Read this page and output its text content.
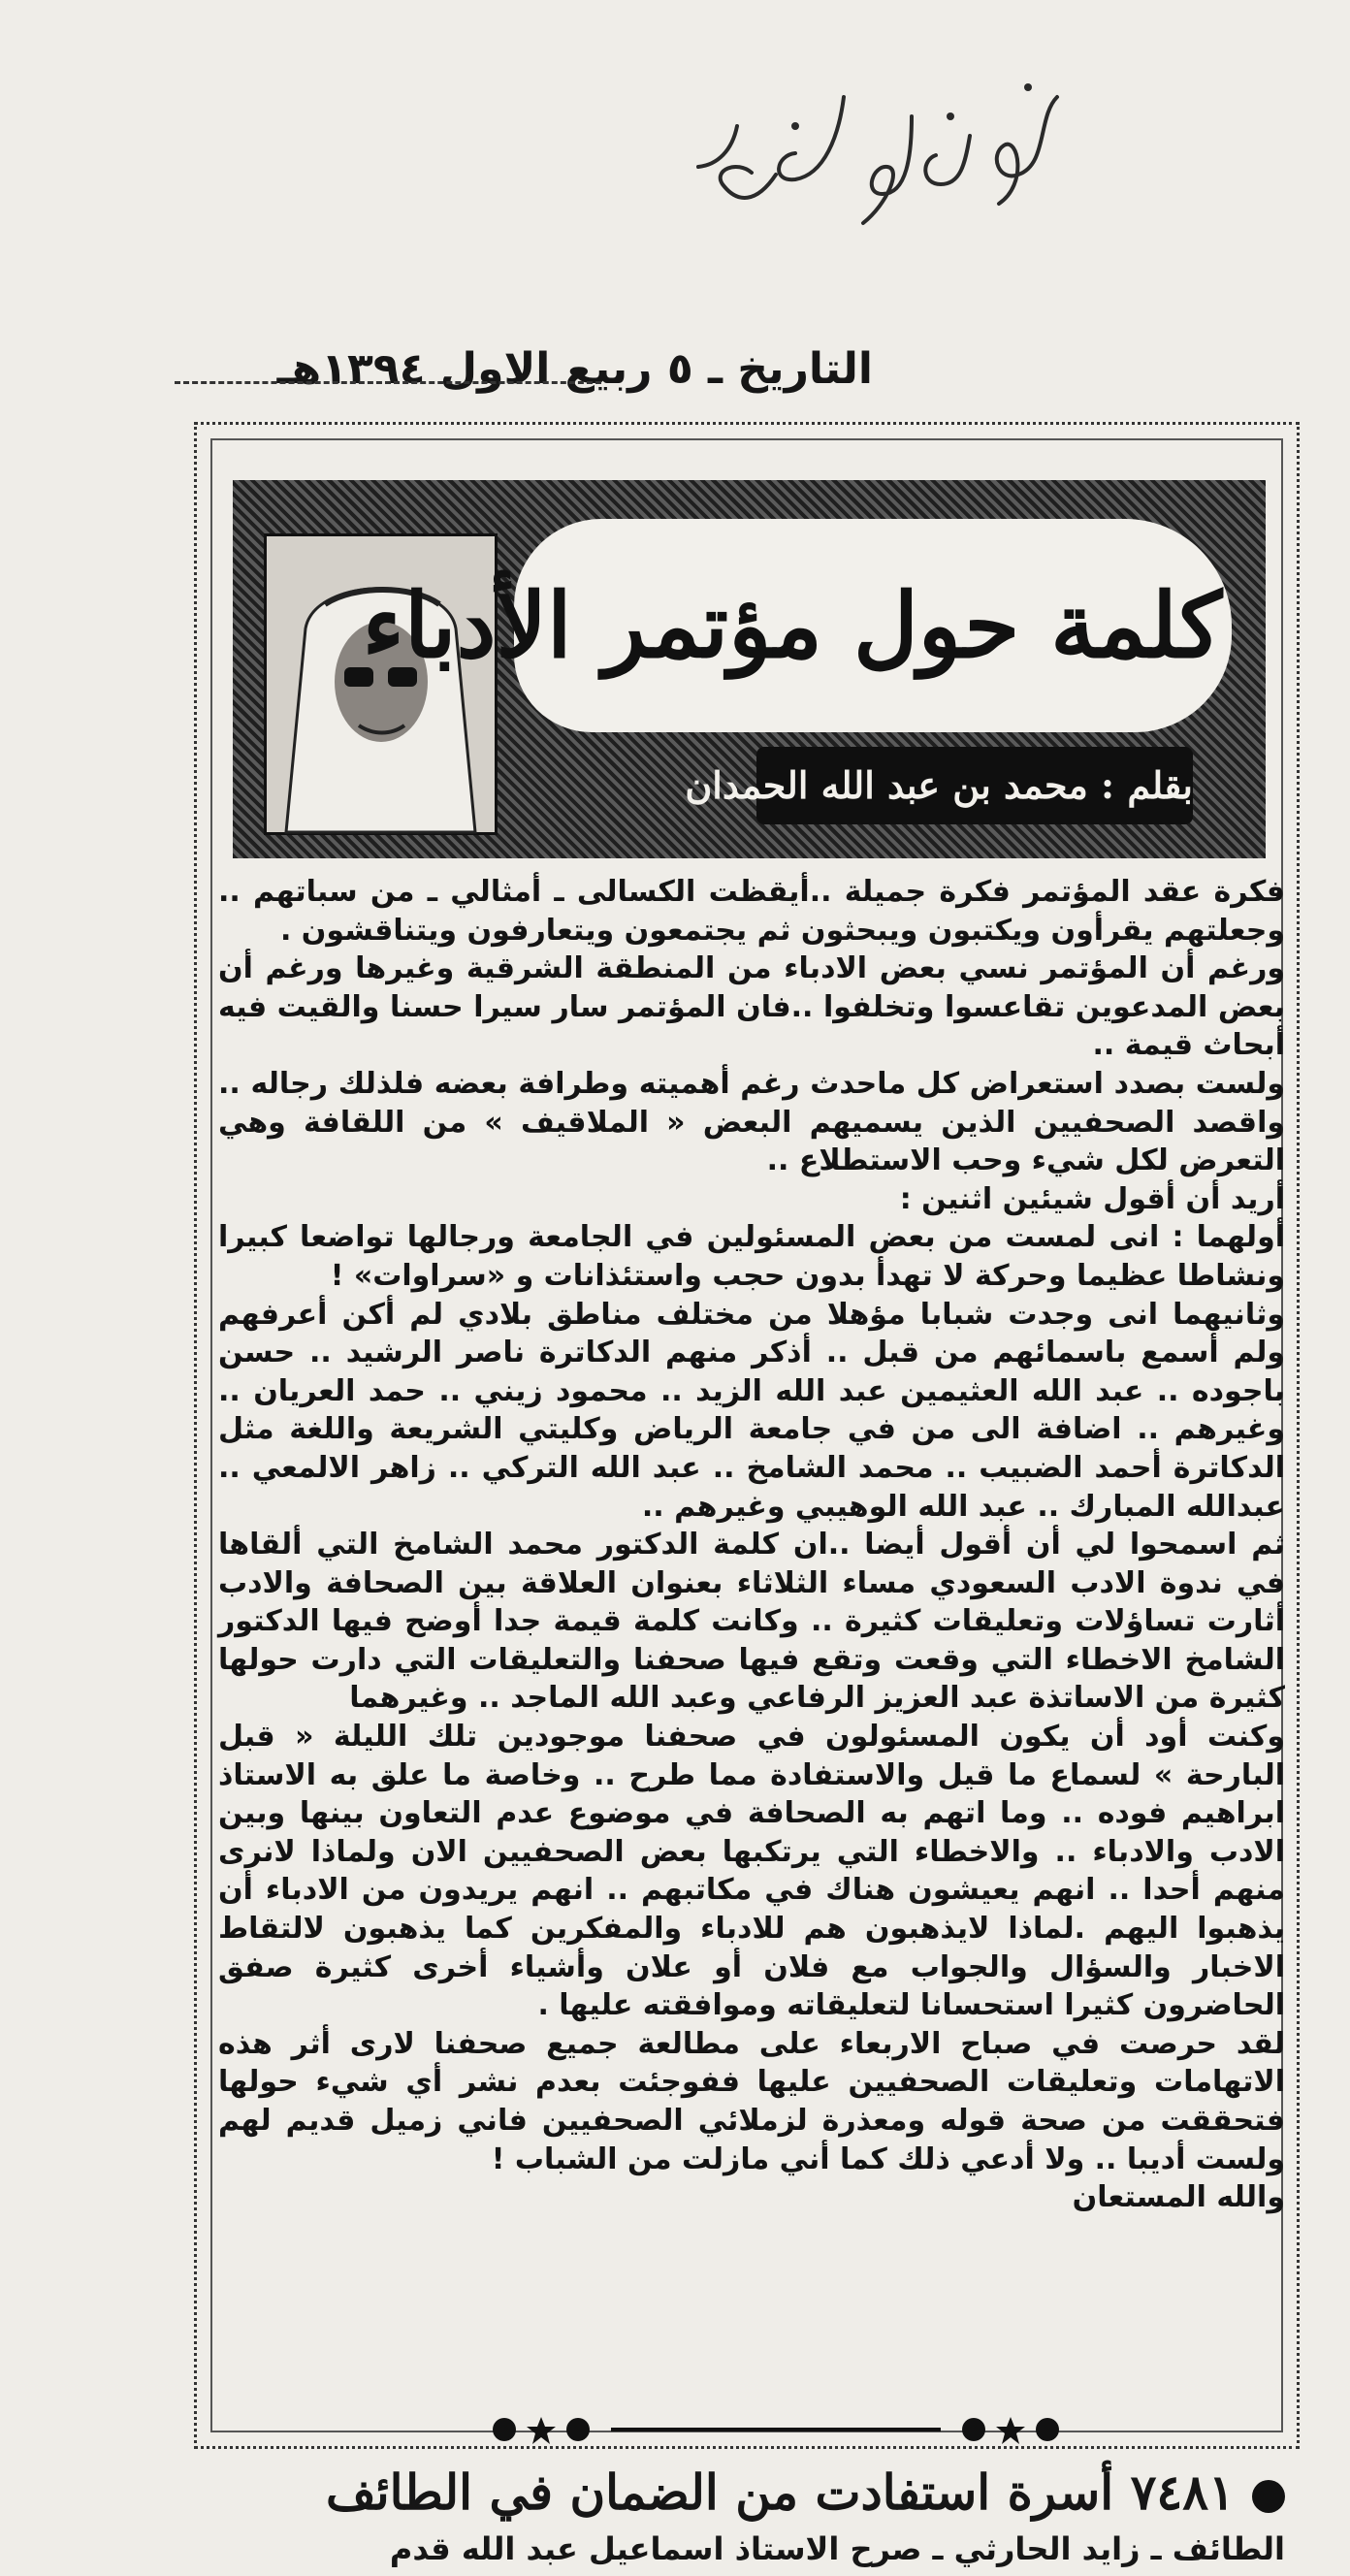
التاريخ ـ ٥ ربيع الاول ١٣٩٤هـ
كلمة حول مؤتمر الأدباء
بقلم : محمد بن عبد الله الحمدان

فكرة عقد المؤتمر فكرة جميلة ..أيقظت الكسالى ـ أمثالي ـ من سباتهم .. وجعلتهم يقرأون ويكتبون ويبحثون ثم يجتمعون ويتعارفون ويتناقشون .

ورغم أن المؤتمر نسي بعض الادباء من المنطقة الشرقية وغيرها ورغم أن بعض المدعوين تقاعسوا وتخلفوا ..فان المؤتمر سار سيرا حسنا والقيت فيه أبحاث قيمة ..

ولست بصدد استعراض كل ماحدث رغم أهميته وطرافة بعضه فلذلك رجاله .. واقصد الصحفيين الذين يسميهم البعض « الملاقيف » من اللقافة وهي التعرض لكل شيء وحب الاستطلاع ..

أريد أن أقول شيئين اثنين :

أولهما : انى لمست من بعض المسئولين في الجامعة ورجالها تواضعا كبيرا ونشاطا عظيما وحركة لا تهدأ بدون حجب واستئذانات و «سراوات» !

وثانيهما انى وجدت شبابا مؤهلا من مختلف مناطق بلادي لم أكن أعرفهم ولم أسمع باسمائهم من قبل .. أذكر منهم الدكاترة ناصر الرشيد .. حسن باجوده .. عبد الله العثيمين عبد الله الزيد .. محمود زيني .. حمد العريان .. وغيرهم .. اضافة الى من في جامعة الرياض وكليتي الشريعة واللغة مثل الدكاترة أحمد الضبيب .. محمد الشامخ .. عبد الله التركي .. زاهر الالمعي .. عبدالله المبارك .. عبد الله الوهيبي وغيرهم ..

ثم اسمحوا لي أن أقول أيضا ..ان كلمة الدكتور محمد الشامخ التي ألقاها في ندوة الادب السعودي مساء الثلاثاء بعنوان العلاقة بين الصحافة والادب أثارت تساؤلات وتعليقات كثيرة .. وكانت كلمة قيمة جدا أوضح فيها الدكتور الشامخ الاخطاء التي وقعت وتقع فيها صحفنا والتعليقات التي دارت حولها كثيرة من الاساتذة عبد العزيز الرفاعي وعبد الله الماجد .. وغيرهما

وكنت أود أن يكون المسئولون في صحفنا موجودين تلك الليلة « قبل البارحة » لسماع ما قيل والاستفادة مما طرح .. وخاصة ما علق به الاستاذ ابراهيم فوده .. وما اتهم به الصحافة في موضوع عدم التعاون بينها وبين الادب والادباء .. والاخطاء التي يرتكبها بعض الصحفيين الان ولماذا لانرى منهم أحدا .. انهم يعيشون هناك في مكاتبهم .. انهم يريدون من الادباء أن يذهبوا اليهم .لماذا لايذهبون هم للادباء والمفكرين كما يذهبون لالتقاط الاخبار والسؤال والجواب مع فلان أو علان وأشياء أخرى كثيرة صفق الحاضرون كثيرا استحسانا لتعليقاته وموافقته عليها .

لقد حرصت في صباح الاربعاء على مطالعة جميع صحفنا لارى أثر هذه الاتهامات وتعليقات الصحفيين عليها ففوجئت بعدم نشر أي شيء حولها فتحققت من صحة قوله ومعذرة لزملائي الصحفيين فاني زميل قديم لهم ولست أديبا .. ولا أدعي ذلك كما أني مازلت من الشباب !

والله المستعان

٧٤٨١ أسرة استفادت من الضمان في الطائف
الطائف ـ زايد الحارثي ـ صرح الاستاذ اسماعيل عبد الله قدم
